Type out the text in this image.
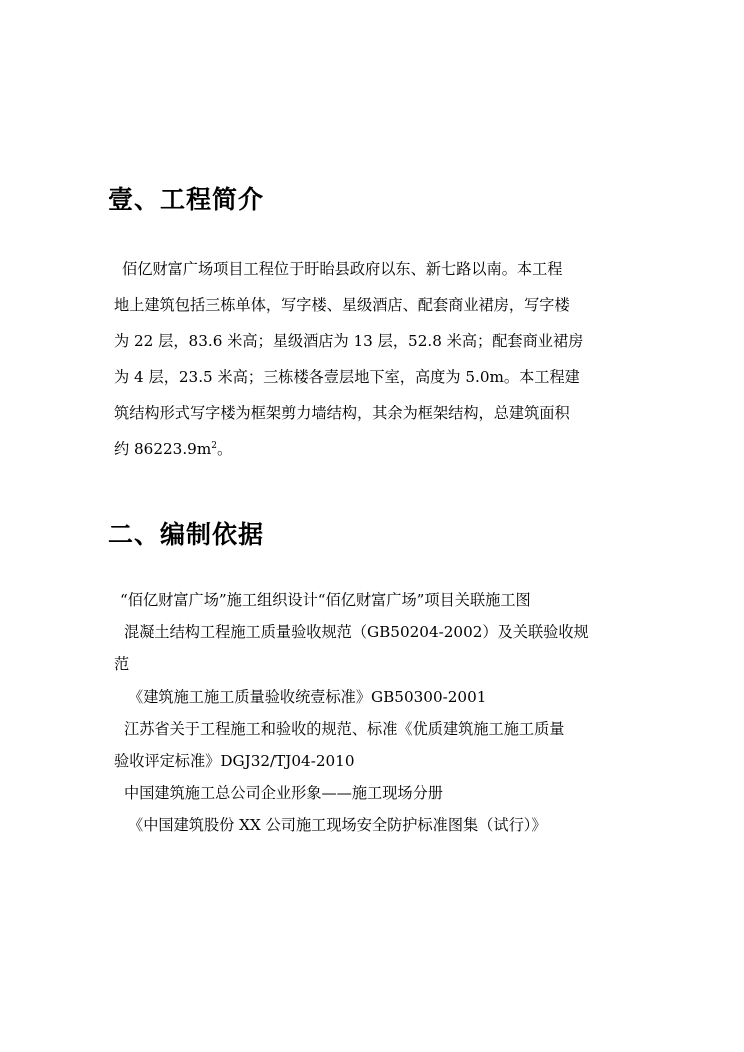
壹、工程简介

佰亿财富广场项目工程位于盱眙县政府以东、新七路以南。本工程

地上建筑包括三栋单体，写字楼、星级酒店、配套商业裙房，写字楼

为 22 层，83.6 米高；星级酒店为 13 层，52.8 米高；配套商业裙房

为 4 层，23.5 米高；三栋楼各壹层地下室，高度为 5.0m。本工程建

筑结构形式写字楼为框架剪力墙结构，其余为框架结构，总建筑面积

约 $86223.9m^2$。

二、编制依据

“佰亿财富广场”施工组织设计“佰亿财富广场”项目关联施工图

混凝土结构工程施工质量验收规范（GB50204-2002）及关联验收规

范

《建筑施工施工质量验收统壹标准》GB50300-2001

江苏省关于工程施工和验收的规范、标准《优质建筑施工施工质量

验收评定标准》DGJ32/TJ04-2010

中国建筑施工总公司企业形象——施工现场分册

《中国建筑股份 XX 公司施工现场安全防护标准图集（试行）》
